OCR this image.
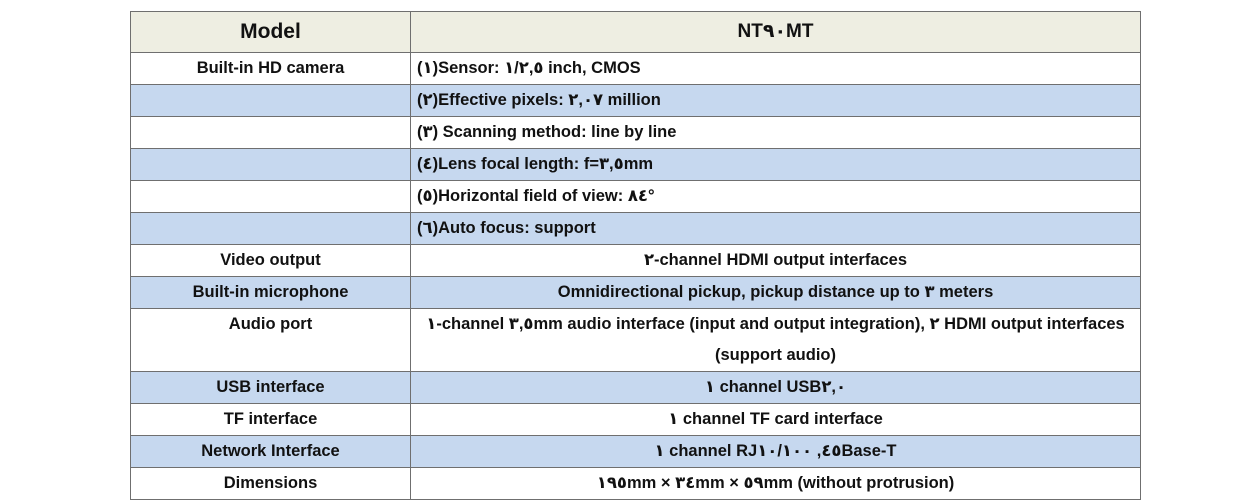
Model	NT٩٠MT
Built-in HD camera	(١)Sensor: ١/٢,٥ inch, CMOS
	(٢)Effective pixels: ٢,٠٧ million
	(٣) Scanning method: line by line
	(٤)Lens focal length: f=٣,٥mm
	(٥)Horizontal field of view: ٨٤°
	(٦)Auto focus: support
Video output	٢-channel HDMI output interfaces
Built-in microphone	Omnidirectional pickup, pickup distance up to ٣ meters
Audio port	١-channel ٣,٥mm audio interface (input and output integration), ٢ HDMI output interfaces (support audio)
USB interface	١ channel USB٢,٠
TF interface	١ channel TF card interface
Network Interface	١ channel RJ٤٥, ١٠/١٠٠Base-T
Dimensions	١٩٥mm × ٣٤mm × ٥٩mm (without protrusion)
